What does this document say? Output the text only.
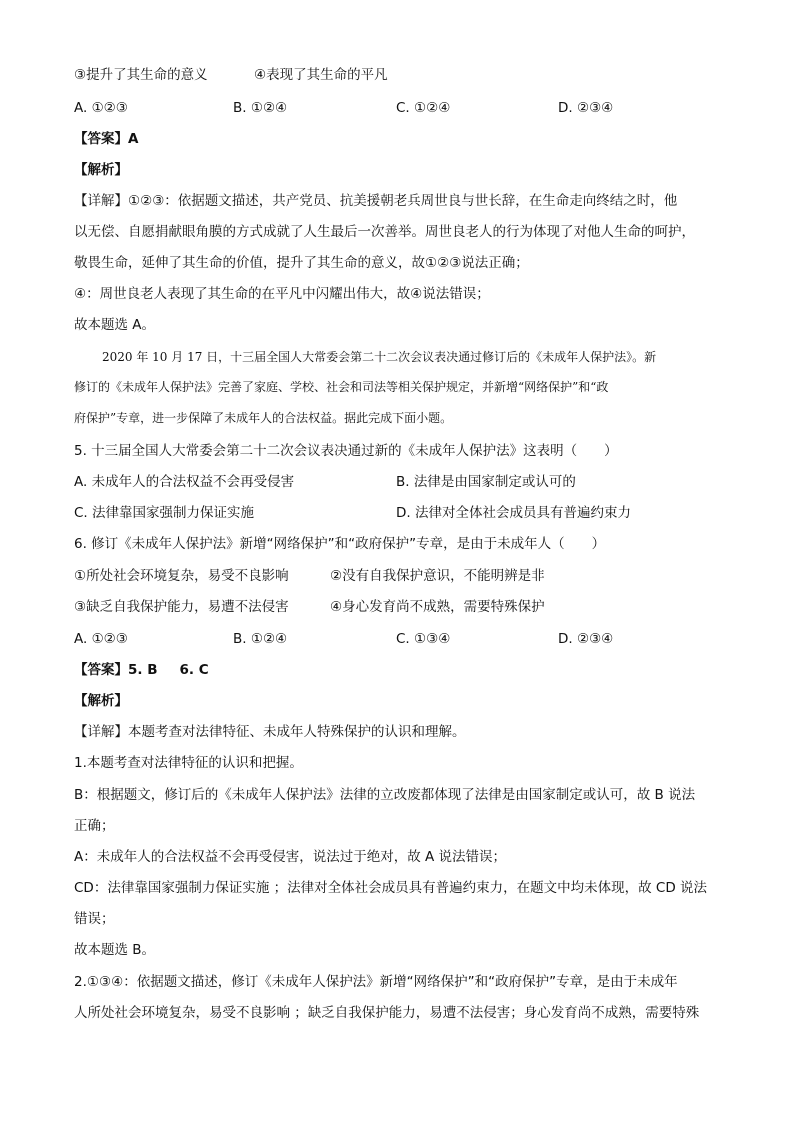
③提升了其生命的意义	④表现了其生命的平凡
A. ①②③	B. ①②④	C. ①②④	D. ②③④
【答案】A
【解析】
【详解】①②③：依据题文描述，共产党员、抗美援朝老兵周世良与世长辞，在生命走向终结之时，他
以无偿、自愿捐献眼角膜的方式成就了人生最后一次善举。周世良老人的行为体现了对他人生命的呵护，
敬畏生命，延伸了其生命的价值，提升了其生命的意义，故①②③说法正确；
④：周世良老人表现了其生命的在平凡中闪耀出伟大，故④说法错误；
故本题选 A。
2020 年 10 月 17 日，十三届全国人大常委会第二十二次会议表决通过修订后的《未成年人保护法》。新
修订的《未成年人保护法》完善了家庭、学校、社会和司法等相关保护规定，并新增“网络保护”和“政
府保护”专章，进一步保障了未成年人的合法权益。据此完成下面小题。
5. 十三届全国人大常委会第二十二次会议表决通过新的《未成年人保护法》这表明（　　）
A. 未成年人的合法权益不会再受侵害	B. 法律是由国家制定或认可的
C. 法律靠国家强制力保证实施	D. 法律对全体社会成员具有普遍约束力
6. 修订《未成年人保护法》新增“网络保护”和“政府保护”专章，是由于未成年人（　　）
①所处社会环境复杂，易受不良影响	②没有自我保护意识，不能明辨是非
③缺乏自我保护能力，易遭不法侵害	④身心发育尚不成熟，需要特殊保护
A. ①②③	B. ①②④	C. ①③④	D. ②③④
【答案】5. B 6. C
【解析】
【详解】本题考查对法律特征、未成年人特殊保护的认识和理解。
1.本题考查对法律特征的认识和把握。
B：根据题文，修订后的《未成年人保护法》法律的立改废都体现了法律是由国家制定或认可，故 B 说法
正确；
A：未成年人的合法权益不会再受侵害，说法过于绝对，故 A 说法错误；
CD：法律靠国家强制力保证实施 ；法律对全体社会成员具有普遍约束力，在题文中均未体现，故 CD 说法
错误；
故本题选 B。
2.①③④：依据题文描述，修订《未成年人保护法》新增“网络保护”和“政府保护”专章，是由于未成年
人所处社会环境复杂，易受不良影响 ；缺乏自我保护能力，易遭不法侵害；身心发育尚不成熟，需要特殊
